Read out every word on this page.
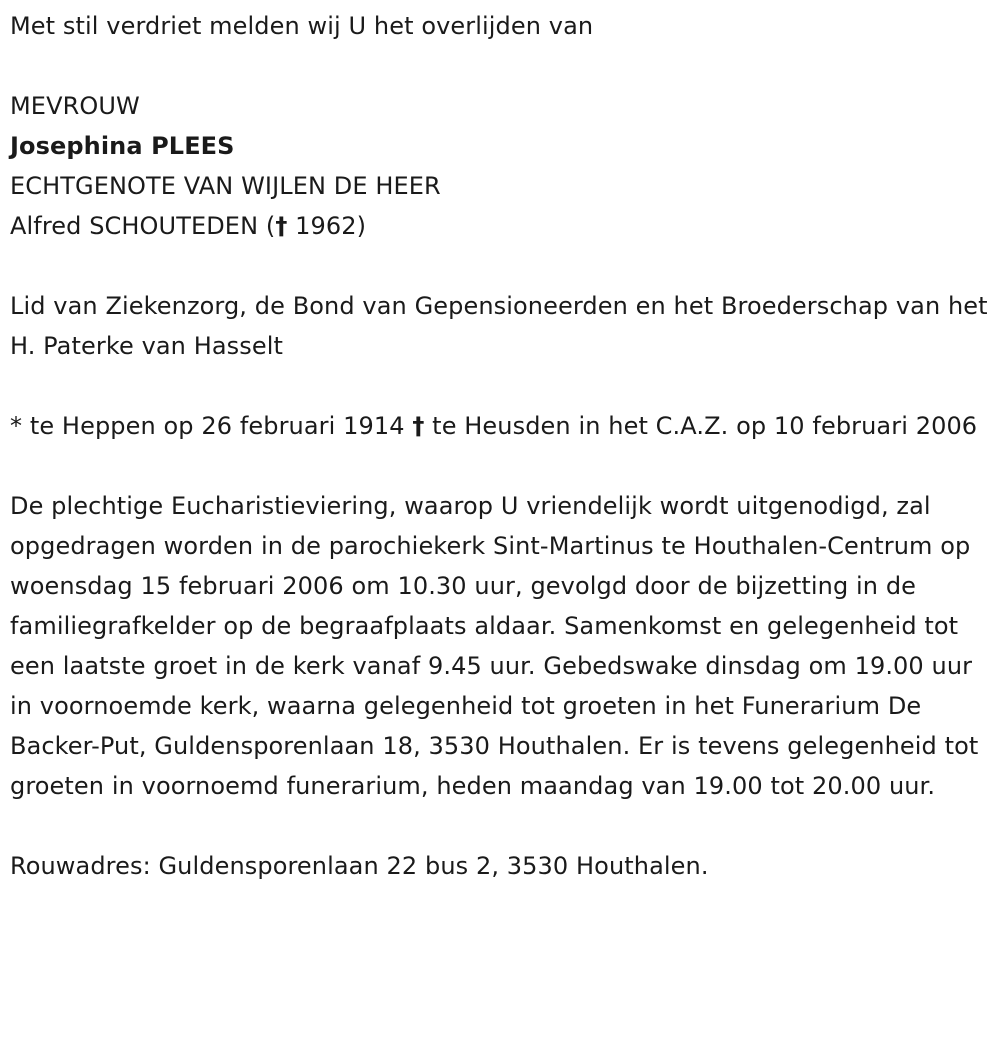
Met stil verdriet melden wij U het overlijden van

MEVROUW

Josephina PLEES

ECHTGENOTE VAN WIJLEN DE HEER

Alfred SCHOUTEDEN († 1962)

Lid van Ziekenzorg, de Bond van Gepensioneerden en het Broederschap van het H. Paterke van Hasselt

* te Heppen op 26 februari 1914 † te Heusden in het C.A.Z. op 10 februari 2006

De plechtige Eucharistieviering, waarop U vriendelijk wordt uitgenodigd, zal opgedragen worden in de parochiekerk Sint-Martinus te Houthalen-Centrum op woensdag 15 februari 2006 om 10.30 uur, gevolgd door de bijzetting in de familiegrafkelder op de begraafplaats aldaar. Samenkomst en gelegenheid tot een laatste groet in de kerk vanaf 9.45 uur. Gebedswake dinsdag om 19.00 uur in voornoemde kerk, waarna gelegenheid tot groeten in het Funerarium De Backer-Put, Guldensporenlaan 18, 3530 Houthalen. Er is tevens gelegenheid tot groeten in voornoemd funerarium, heden maandag van 19.00 tot 20.00 uur.

Rouwadres: Guldensporenlaan 22 bus 2, 3530 Houthalen.
